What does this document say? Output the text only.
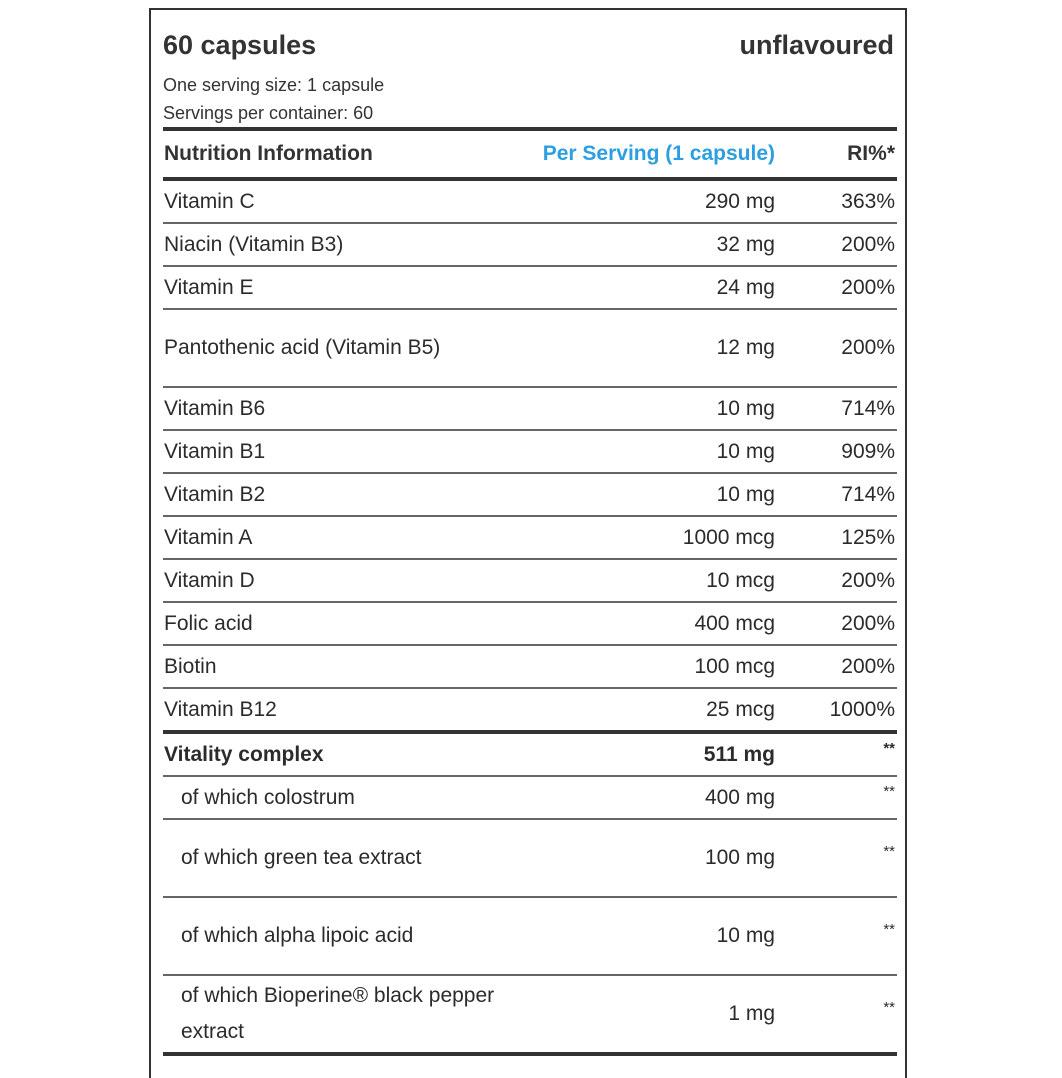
60 capsules	unflavoured
One serving size: 1 capsule
Servings per container: 60
Nutrition Information	Per Serving (1 capsule)	RI%*
Vitamin C	290 mg	363%
Niacin (Vitamin B3)	32 mg	200%
Vitamin E	24 mg	200%
Pantothenic acid (Vitamin B5)	12 mg	200%
Vitamin B6	10 mg	714%
Vitamin B1	10 mg	909%
Vitamin B2	10 mg	714%
Vitamin A	1000 mcg	125%
Vitamin D	10 mcg	200%
Folic acid	400 mcg	200%
Biotin	100 mcg	200%
Vitamin B12	25 mcg	1000%
Vitality complex	511 mg	**
of which colostrum	400 mg	**
of which green tea extract	100 mg	**
of which alpha lipoic acid	10 mg	**
of which Bioperine® black pepper extract	1 mg	**
